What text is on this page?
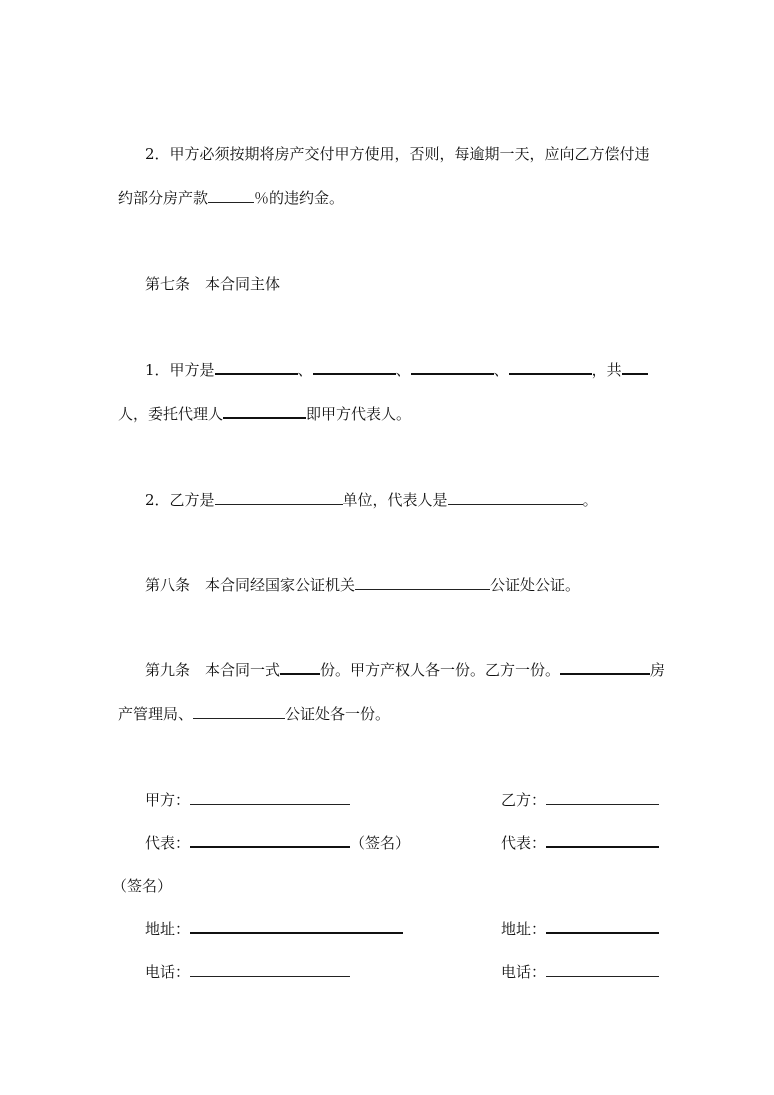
2．甲方必须按期将房产交付甲方使用，否则，每逾期一天，应向乙方偿付违
约部分房产款	％的违约金。
第七条　本合同主体
1．甲方是	、	、	、	，共
人，委托代理人	即甲方代表人。
2．乙方是	单位，代表人是	。
第八条　本合同经国家公证机关	公证处公证。
第九条　本合同一式	份。甲方产权人各一份。乙方一份。	房
产管理局、	公证处各一份。
甲方：	乙方：
代表：	（签名）	代表：
（签名）
地址：	地址：
电话：	电话：
